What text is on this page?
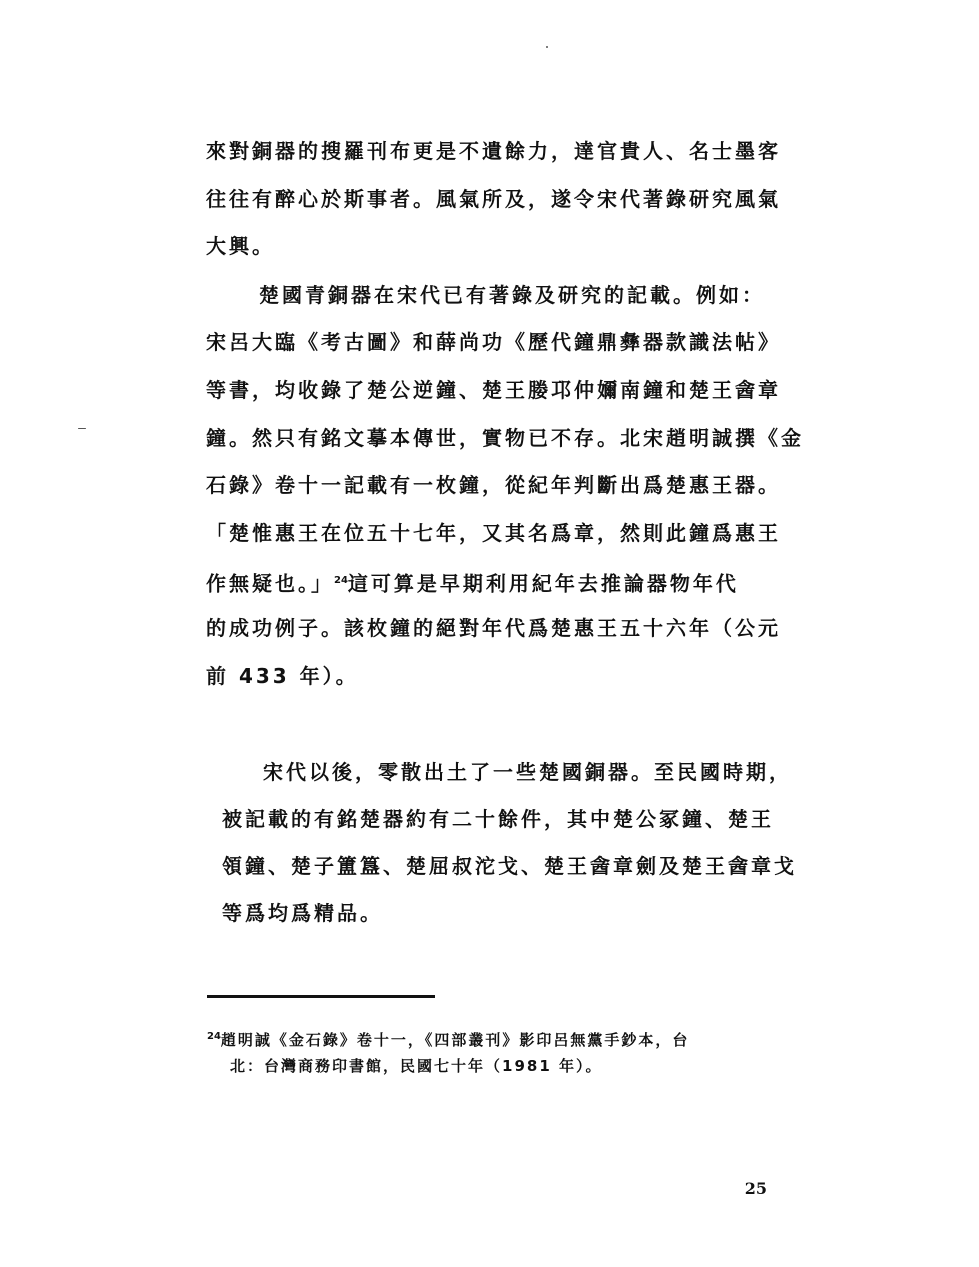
來對銅器的搜羅刊布更是不遺餘力，達官貴人、名士墨客
往往有醉心於斯事者。風氣所及，遂令宋代著錄研究風氣
大興。
楚國青銅器在宋代已有著錄及研究的記載。例如：
宋呂大臨《考古圖》和薛尚功《歷代鐘鼎彝器款識法帖》
等書，均收錄了楚公逆鐘、楚王媵邛仲嬭南鐘和楚王酓章
鐘。然只有銘文摹本傳世，實物已不存。北宋趙明誠撰《金
石錄》卷十一記載有一枚鐘，從紀年判斷出爲楚惠王器。
「楚惟惠王在位五十七年，又其名爲章，然則此鐘爲惠王
作無疑也。」$^{24}$這可算是早期利用紀年去推論器物年代
的成功例子。該枚鐘的絕對年代爲楚惠王五十六年（公元
前 433 年）。
宋代以後，零散出土了一些楚國銅器。至民國時期，
被記載的有銘楚器約有二十餘件，其中楚公冢鐘、楚王
領鐘、楚子簠簋、楚屈叔沱戈、楚王酓章劍及楚王酓章戈
等爲均爲精品。
$^{24}$趙明誠《金石錄》卷十一，《四部叢刊》影印呂無黨手鈔本，台
北：台灣商務印書館，民國七十年（1981 年）。
25
